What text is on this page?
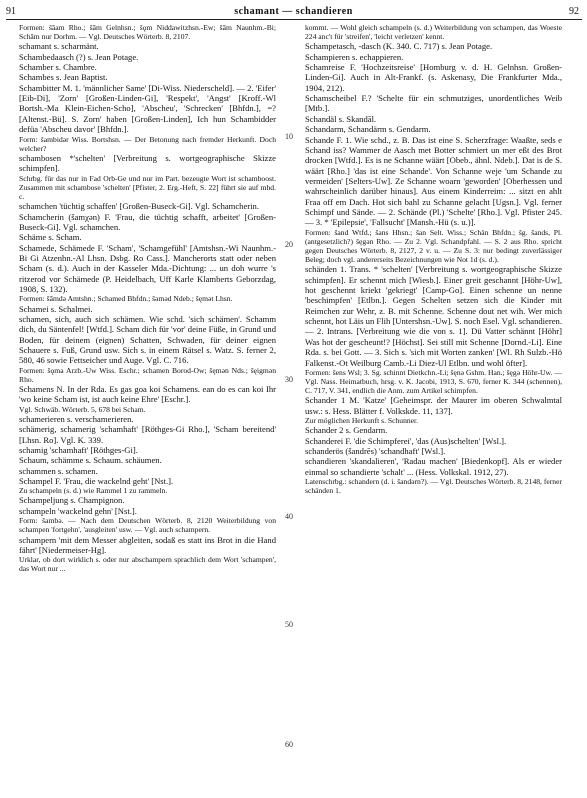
91	schamant — schandieren	92

Formen: šāam Rho.; šām Gelnhsn.; šǫm Niddawitzhsn.-Ew; šām Naunhm.-Bi; Schām nur Dorhm. — Vgl. Deutsches Wörterb. 8, 2107.

schamant s. scharmänt.

Schambedaasch (?) s. Jean Potage.

Schamber s. Chambre.

Schambes s. Jean Baptist.

Schambitter M. 1. 'männlicher Same' [Di-Wiss. Niederscheld]. — 2. 'Eifer' [Eib-Di], 'Zorn' [Großen-Linden-Gi], 'Respekt', 'Angst' [Kroff.-Wl Bortsh.-Ma Klein-Eichen-Scho], 'Abscheu', 'Schrecken' [Bhfdn.], =? [Altenst.-Bü]. S. Zorn' haben [Großen-Linden], Ich hun Schambidder defüa 'Abscheu davor' [Bhfdn.].

Form: šambidər Wiss. Bortshsn. — Der Betonung nach fremder Herkunft. Doch welcher?

schambosen *'schelten' [Verbreitung s. wortgeographische Skizze schimpfen].

Schrbg. für das nur in Fad Orb-Ge und nur im Part. bezeugte Wort ist schamboost. Zusammen mit schambose 'schelten' [Pfister, 2. Erg.-Heft, S. 22] führt sie auf mhd. c.

schamchen 'tüchtig schaffen' [Großen-Buseck-Gi]. Vgl. Schamcherin.

Schamcherin (šamχǝn) F. 'Frau, die tüchtig schafft, arbeitet' [Großen-Buseck-Gi]. Vgl. schamchen.

Schäme s. Scham.

Schamede, Schämede F. 'Scham', 'Schamgefühl' [Amtshsn.-Wi Naunhm.-Bi Gi Atzenhn.-Al Lhsn. Dsbg. Ro Cass.]. Mancherorts statt oder neben Scham (s. d.). Auch in der Kasseler Mda.-Dichtung: ... un doh wurre 's ritzerod vor Schämede (P. Heidelbach, Uff Karle Klamberts Geborzdag, 1908, S. 132).

Formen: šāmdə Amtshn.; Schamed Bhfdn.; šǝmǝd Ndeb.; šęmǝt Lhsn.

Schamei s. Schalmei.

schamen, sich, auch sich schämen. Wie schd. 'sich schämen'. Schamm dich, du Säntenfel! [Wtfd.]. Scham dich für 'vor' deine Füße, in Grund und Boden, für deinem (eignen) Schatten, Schwaden, für deiner eignen Schauere s. Fuß, Grund usw. Sich s. in einem Rätsel s. Watz. S. ferner 2, 580, 46 sowie Fettseicher und Auge. Vgl. C. 716.

Formen: šǫma Arzb.-Uw Wiss. Eschr.; schamen Borod-Ow; šęmǝn Nds.; šęigmǝn Rho.

Schamens N. In der Rda. Es gas goa koi Schamens. ean do es can koi Ihr 'wo keine Scham ist, ist auch keine Ehre' [Eschr.].

Vgl. Schwäb. Wörterb. 5, 678 bei Scham.

schamerieren s. verschamerieren.

schämerig, schamerig 'schamhaft' [Röthges-Gi Rho.], 'Scham bereitend' [Lhsn. Ro]. Vgl. K. 339.

schamig 'schamhaft' [Röthges-Gi].

Schaum, schämme s. Schaum. schäumen.

schammen s. schamen.

Schampel F. 'Frau, die wackelnd geht' [Nst.].

Zu schampeln (s. d.) wie Rammel 1 zu rammeln.

Schampeljung s. Champignon.

schampeln 'wackelnd gehn' [Nst.].

Form: šambǝ. — Nach dem Deutschen Wörterb. 8, 2120 Weiterbildung von schampen 'fortgehn', 'ausgleiten' usw. — Vgl. auch schampern.

schampern 'mit dem Messer abgleiten, sodaß es statt ins Brot in die Hand fährt' [Niedermeiser-Hg].

Urklar, ob dort wirklich s. oder nur abschampern sprachlich dem Wort 'schampen', das Wort nur ...

kommt. — Wohl gleich schampeln (s. d.) Weiterbildung von schampen, das Woeste 224 anc't für 'streifen', 'leicht verletzen' kennt.

Schampetasch, -dasch (K. 340. C. 717) s. Jean Potage.

Schampieren s. echappieren.

Schamreise F. 'Hochzeitsreise' [Homburg v. d. H. Gelnhsn. Großen-Linden-Gi]. Auch in Alt-Frankf. (s. Askenasy, Die Frankfurter Mda., 1904, 212).

Schamscheibel F.? 'Schelte für ein schmutziges, unordentliches Weib [Mtb.].

Schandäl s. Skandāl.

Schandarm, Schandärm s. Gendarm.

Schande F. 1. Wie schd., z. B. Das ist eine S. Scherzfrage: Waaßte, seds e Schand iss? Wammer de Aasch met Botter schmiert un mer eßt des Brot drocken [Wtfd.]. Es is ne Schanne wäärt [Obeb., ähnl. Ndeb.]. Dat is de S. wäärt [Rho.] 'das ist eine Schande'. Von Schanne weje 'um Schande zu vermeiden' [Selters-Uw]. Ze Schanne woarn 'geworden' [Oberhessen und wahrscheinlich darüber hinaus]. Aus einem Kinderreim: ... sitzt en ahlt Fraa off em Dach. Hot sich bahl zu Schanne gelacht [Ugsn.]. Vgl. ferner Schimpf und Sände. — 2. Schände (Pl.) 'Schelte' [Rho.]. Vgl. Pfister 245. — 3. * 'Epilepsie', 'Fallsucht' [Mansh.-Hü (s. u.)].

Formen: šand Wtfd.; šans Hhsn.; šan Selt. Wiss.; Schän Bhfdn.; šg. šands, Pl. (antgesetzlich?) šęgǝn Rho. — Zu 2. Vgl. Schandpfahl. — S. 2 aus Rho. spricht gegen Deutsches Wörterb. 8, 2127, 2 v. u. — Zu S. 3: nur bedingt zuverlässiger Beleg; doch vgl. andererseits Bezeichnungen wie Not 1d (s. d.).

schänden 1. Trans. * 'schelten' [Verbreitung s. wortgeographische Skizze schimpfen]. Er schennt mich [Wiesb.]. Einer greit geschannt [Höhr-Uw], hot geschennt kriekt 'gekriegt' [Camp-Go]. Einen schenne un nenne 'beschimpfen' [Etlbn.]. Gegen Schelten setzen sich die Kinder mit Reimchen zur Wehr, z. B. mit Schenne. Schenne dout net wih. Wer mich schennt, hot Läis un Flih [Untershsn.-Uw]. S. noch Esel. Vgl. schandieren. — 2. Intrans. [Verbreitung wie die von s. 1]. Dü Vatter schännt [Höhr] Was hot der gescheunt!? [Höchst]. Sei still mit Schenne [Dornd.-Li]. Eine Rda. s. bei Gott. — 3. Sich s. 'sich mit Worten zanken' [Wl. Rh Sulzb.-Hö Falkenst.-Ot Weilburg Camb.-Li Diez-Ul Etlbn. und wohl öfter].

Formen: šens Wsl; 3. Sg. schinnt Dietkchn.-Li; šęnǝ Gshm. Han.; šęgǝ Höhr-Uw. — Vgl. Nass. Heimatbuch, hrsg. v. K. Jacobi, 1913, S. 670, ferner K. 344 (schennen), C. 717, V. 341, endlich die Anm. zum Artikel schimpfen.

Schander 1 M. 'Katze' [Geheimspr. der Maurer im oberen Schwalmtal usw.: s. Hess. Blätter f. Volkskde. 11, 137].

Zur möglichen Herkunft s. Schunner.

Schander 2 s. Gendarm.

Schanderei F. 'die Schimpferei', 'das (Aus)schelten' [Wsl.].

schanderös (šandrēs) 'schandhaft' [Wsl.].

schandieren 'skandalieren', 'Radau machen' [Biedenkopf]. Als er wieder einmal so schandierte 'schalt' ... (Hess. Volkskal. 1912, 27).

Latenschrbg.: schandern (d. i. šandǝrn?). — Vgl. Deutsches Wörterb. 8, 2148, ferner schänden 1.

10
20
30
40
50
60
